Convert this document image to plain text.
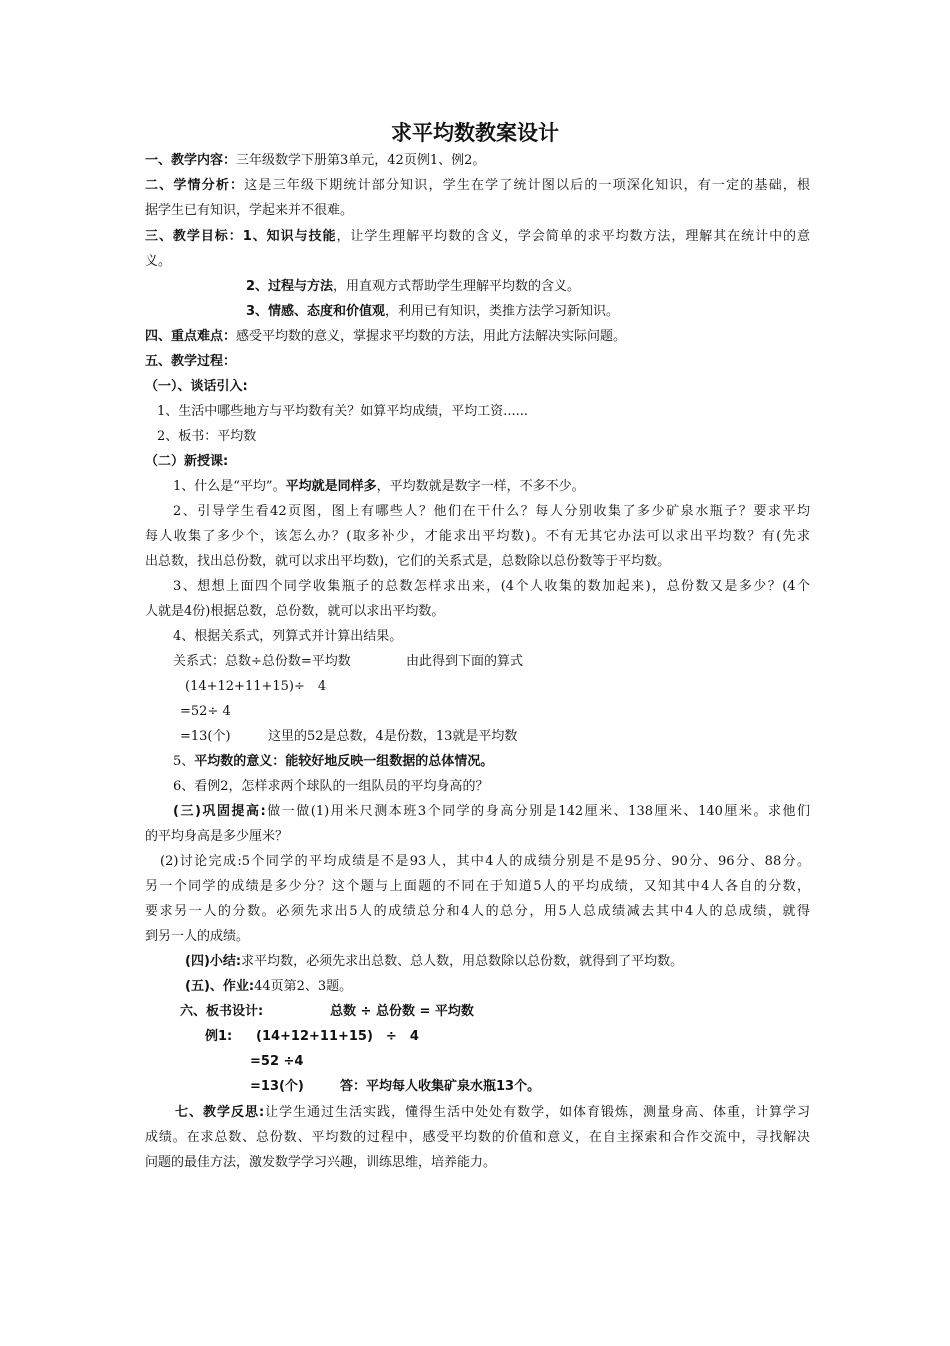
求平均数教案设计
一、教学内容：三年级数学下册第3单元，42页例1、例2。
二、学情分析：这是三年级下期统计部分知识，学生在学了统计图以后的一项深化知识，有一定的基础，根
据学生已有知识，学起来并不很难。
三、教学目标：1、知识与技能，让学生理解平均数的含义，学会简单的求平均数方法，理解其在统计中的意
义。
2、过程与方法，用直观方式帮助学生理解平均数的含义。
3、情感、态度和价值观，利用已有知识，类推方法学习新知识。
四、重点难点：感受平均数的意义，掌握求平均数的方法，用此方法解决实际问题。
五、教学过程：
（一）、谈话引入:
1、生活中哪些地方与平均数有关？如算平均成绩，平均工资......
2、板书：平均数
（二）新授课:
1、什么是“平均”。平均就是同样多，平均数就是数字一样，不多不少。
2、引导学生看42页图，图上有哪些人？他们在干什么？每人分别收集了多少矿泉水瓶子？要求平均
每人收集了多少个，该怎么办？(取多补少，才能求出平均数)。不有无其它办法可以求出平均数？有(先求
出总数，找出总份数，就可以求出平均数)，它们的关系式是，总数除以总份数等于平均数。
3、想想上面四个同学收集瓶子的总数怎样求出来，(4个人收集的数加起来)，总份数又是多少？(4个
人就是4份)根据总数，总份数，就可以求出平均数。
4、根据关系式，列算式并计算出结果。
关系式：总数÷总份数=平均数	由此得到下面的算式
(14+12+11+15)÷　4
=52÷ 4
=13(个)	这里的52是总数，4是份数，13就是平均数
5、平均数的意义：能较好地反映一组数据的总体情况。
6、看例2，怎样求两个球队的一组队员的平均身高的？
(三)巩固提高:做一做(1)用米尺测本班3个同学的身高分别是142厘米、138厘米、140厘米。求他们
的平均身高是多少厘米？
(2)讨论完成:5个同学的平均成绩是不是93人，其中4人的成绩分别是不是95分、90分、96分、88分。
另一个同学的成绩是多少分？这个题与上面题的不同在于知道5人的平均成绩，又知其中4人各自的分数，
要求另一人的分数。必须先求出5人的成绩总分和4人的总分，用5人总成绩减去其中4人的总成绩，就得
到另一人的成绩。
(四)小结:求平均数，必须先求出总数、总人数，用总数除以总份数，就得到了平均数。
(五)、作业:44页第2、3题。
六、板书设计:	总数 ÷ 总份数 = 平均数
例1: (14+12+11+15)　÷　4
=52 ÷4
=13(个)	答：平均每人收集矿泉水瓶13个。
七、教学反思:让学生通过生活实践，懂得生活中处处有数学，如体育锻炼，测量身高、体重，计算学习
成绩。在求总数、总份数、平均数的过程中，感受平均数的价值和意义，在自主探索和合作交流中，寻找解决
问题的最佳方法，激发数学学习兴趣，训练思维，培养能力。
